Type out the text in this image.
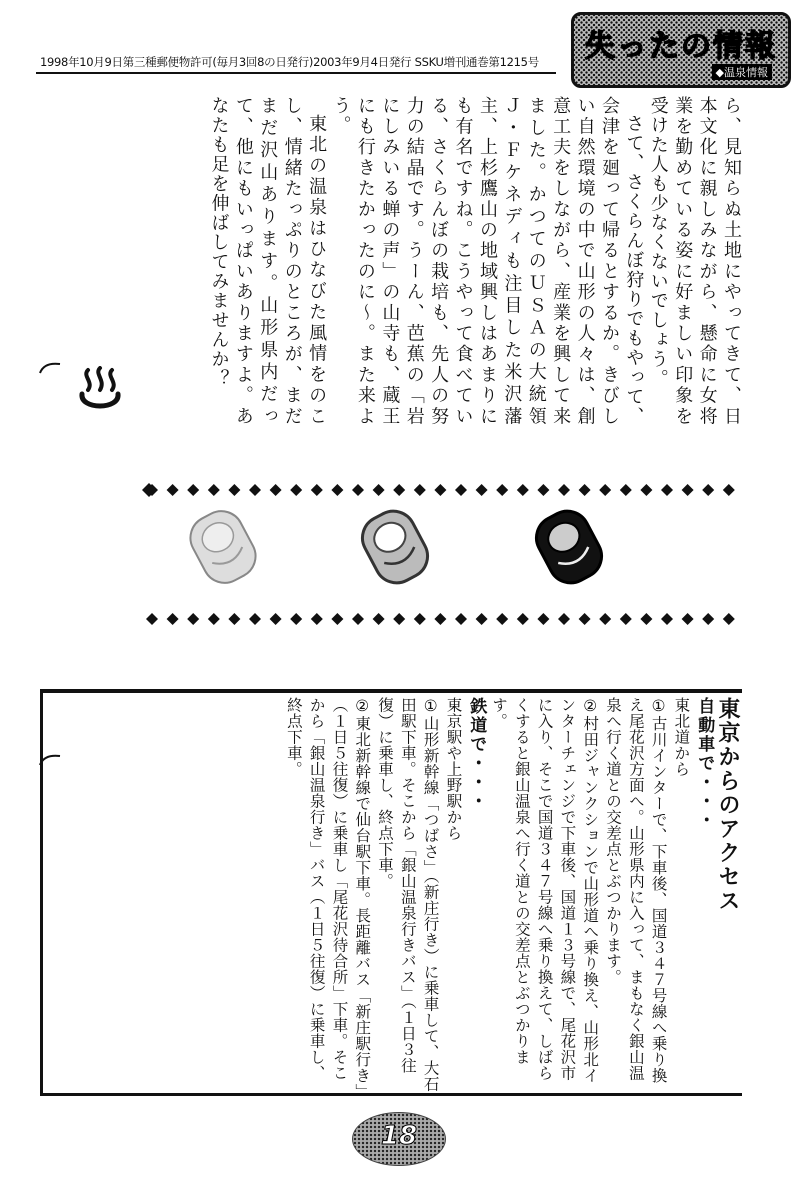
1998年10月9日第三種郵便物許可(毎月3回8の日発行)2003年9月4日発行 SSKU増刊通巻第1215号	失ったの情報
◆温泉情報

ら、見知らぬ土地にやってきて、日本文化に親しみながら、懸命に女将業を勤めている姿に好ましい印象を受けた人も少なくないでしょう。

さて、さくらんぼ狩りでもやって、会津を廻って帰るとするか。きびしい自然環境の中で山形の人々は、創意工夫をしながら、産業を興して来ました。かつてのＵＳＡの大統領Ｊ・Ｆケネディも注目した米沢藩主、上杉鷹山の地域興しはあまりにも有名ですね。こうやって食べている、さくらんぼの栽培も、先人の努力の結晶です。うーん、芭蕉の「岩にしみいる蝉の声」の山寺も、蔵王にも行きたかったのに～。また来よう。

東北の温泉はひなびた風情をのこし、情緒たっぷりのところが、まだまだ沢山あります。山形県内だって、他にもいっぱいありますよ。あなたも足を伸ばしてみませんか？

東京からのアクセス

自動車で・・・

東北道から

①古川インターで、下車後、国道３４７号線へ乗り換え尾花沢方面へ。山形県内に入って、まもなく銀山温泉へ行く道との交差点とぶつかります。

②村田ジャンクションで山形道へ乗り換え、山形北インターチェンジで下車後、国道１３号線で、尾花沢市に入り、そこで国道３４７号線へ乗り換えて、しばらくすると銀山温泉へ行く道との交差点とぶつかります。

鉄道で・・・

東京駅や上野駅から

①山形新幹線「つばさ」（新庄行き）に乗車して、大石田駅下車。そこから「銀山温泉行きバス」（１日３往復）に乗車し、終点下車。

②東北新幹線で仙台駅下車。長距離バス「新庄駅行き」（１日５往復）に乗車し「尾花沢待合所」下車。そこから「銀山温泉行き」バス（１日５往復）に乗車し、終点下車。

18
